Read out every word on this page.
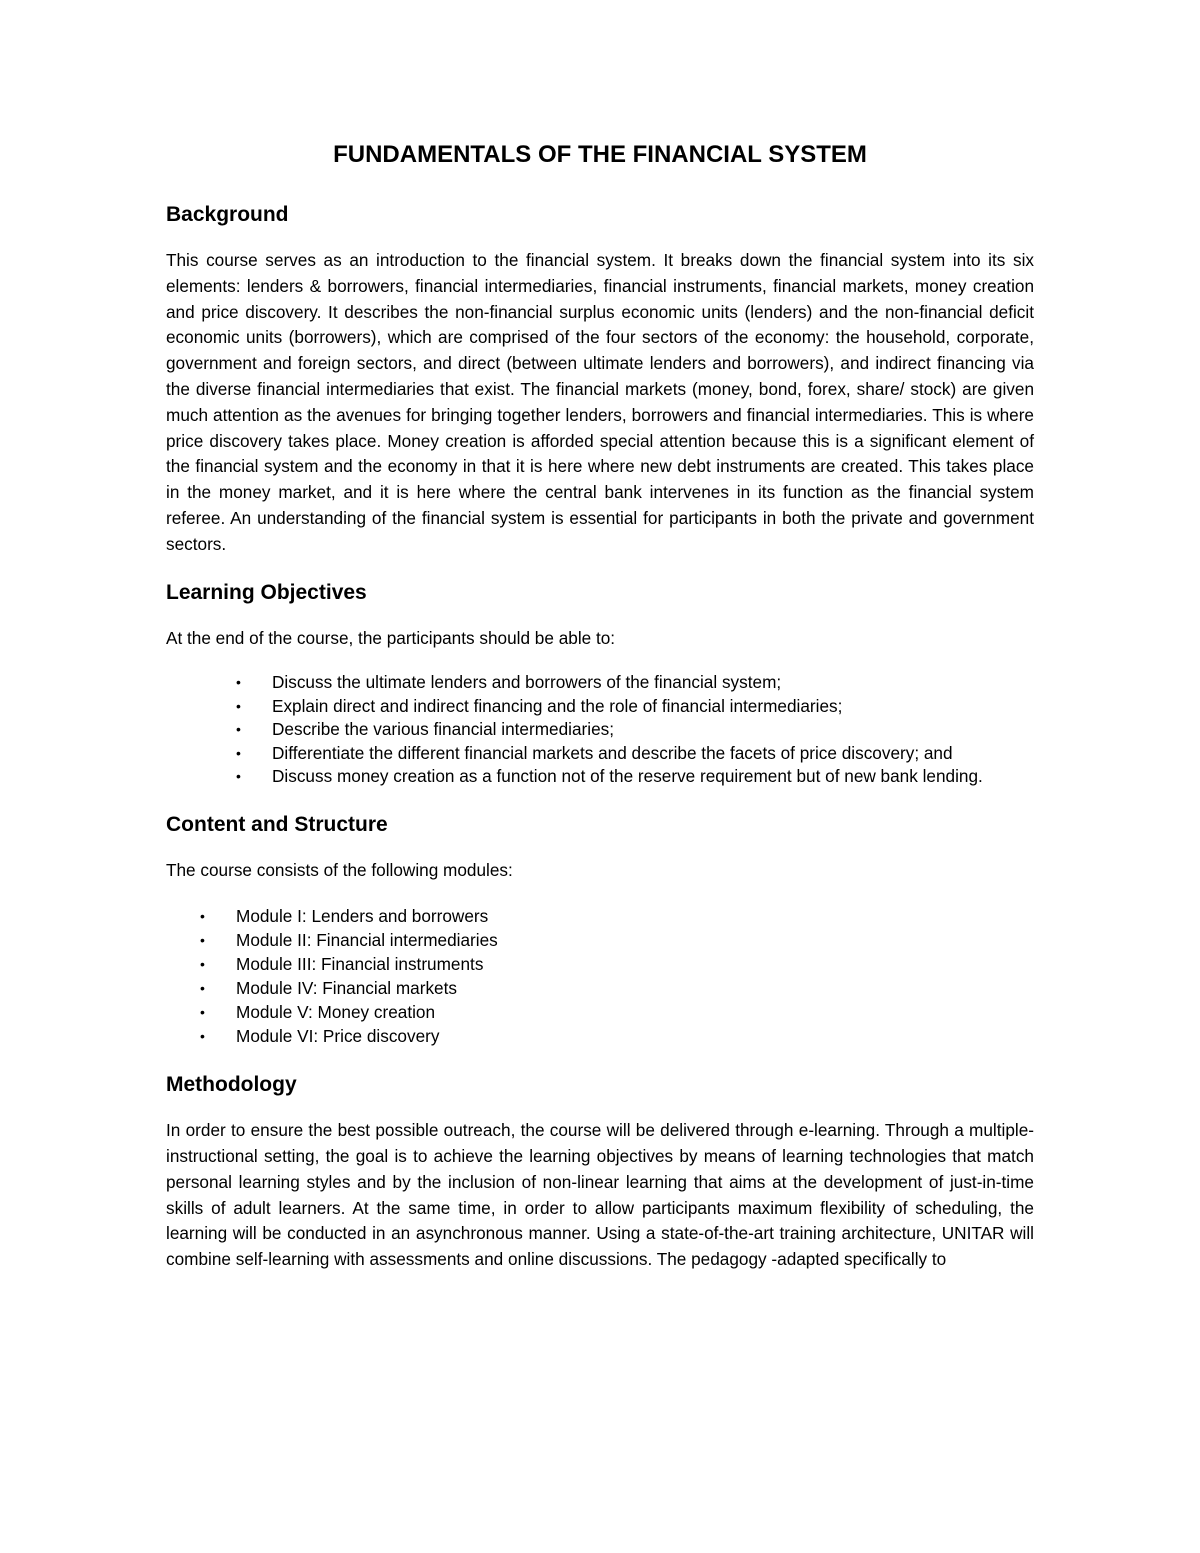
FUNDAMENTALS OF THE FINANCIAL SYSTEM
Background

This course serves as an introduction to the financial system. It breaks down the financial system into its six elements: lenders & borrowers, financial intermediaries, financial instruments, financial markets, money creation and price discovery. It describes the non-financial surplus economic units (lenders) and the non-financial deficit economic units (borrowers), which are comprised of the four sectors of the economy: the household, corporate, government and foreign sectors, and direct (between ultimate lenders and borrowers), and indirect financing via the diverse financial intermediaries that exist. The financial markets (money, bond, forex, share/ stock) are given much attention as the avenues for bringing together lenders, borrowers and financial intermediaries. This is where price discovery takes place. Money creation is afforded special attention because this is a significant element of the financial system and the economy in that it is here where new debt instruments are created. This takes place in the money market, and it is here where the central bank intervenes in its function as the financial system referee. An understanding of the financial system is essential for participants in both the private and government sectors.

Learning Objectives

At the end of the course, the participants should be able to:

• Discuss the ultimate lenders and borrowers of the financial system;
• Explain direct and indirect financing and the role of financial intermediaries;
• Describe the various financial intermediaries;
• Differentiate the different financial markets and describe the facets of price discovery; and
• Discuss money creation as a function not of the reserve requirement but of new bank lending.
Content and Structure

The course consists of the following modules:

• Module I: Lenders and borrowers
• Module II: Financial intermediaries
• Module III: Financial instruments
• Module IV: Financial markets
• Module V: Money creation
• Module VI: Price discovery
Methodology

In order to ensure the best possible outreach, the course will be delivered through e-learning. Through a multiple-instructional setting, the goal is to achieve the learning objectives by means of learning technologies that match personal learning styles and by the inclusion of non-linear learning that aims at the development of just-in-time skills of adult learners. At the same time, in order to allow participants maximum flexibility of scheduling, the learning will be conducted in an asynchronous manner. Using a state-of-the-art training architecture, UNITAR will combine self-learning with assessments and online discussions. The pedagogy -adapted specifically to
